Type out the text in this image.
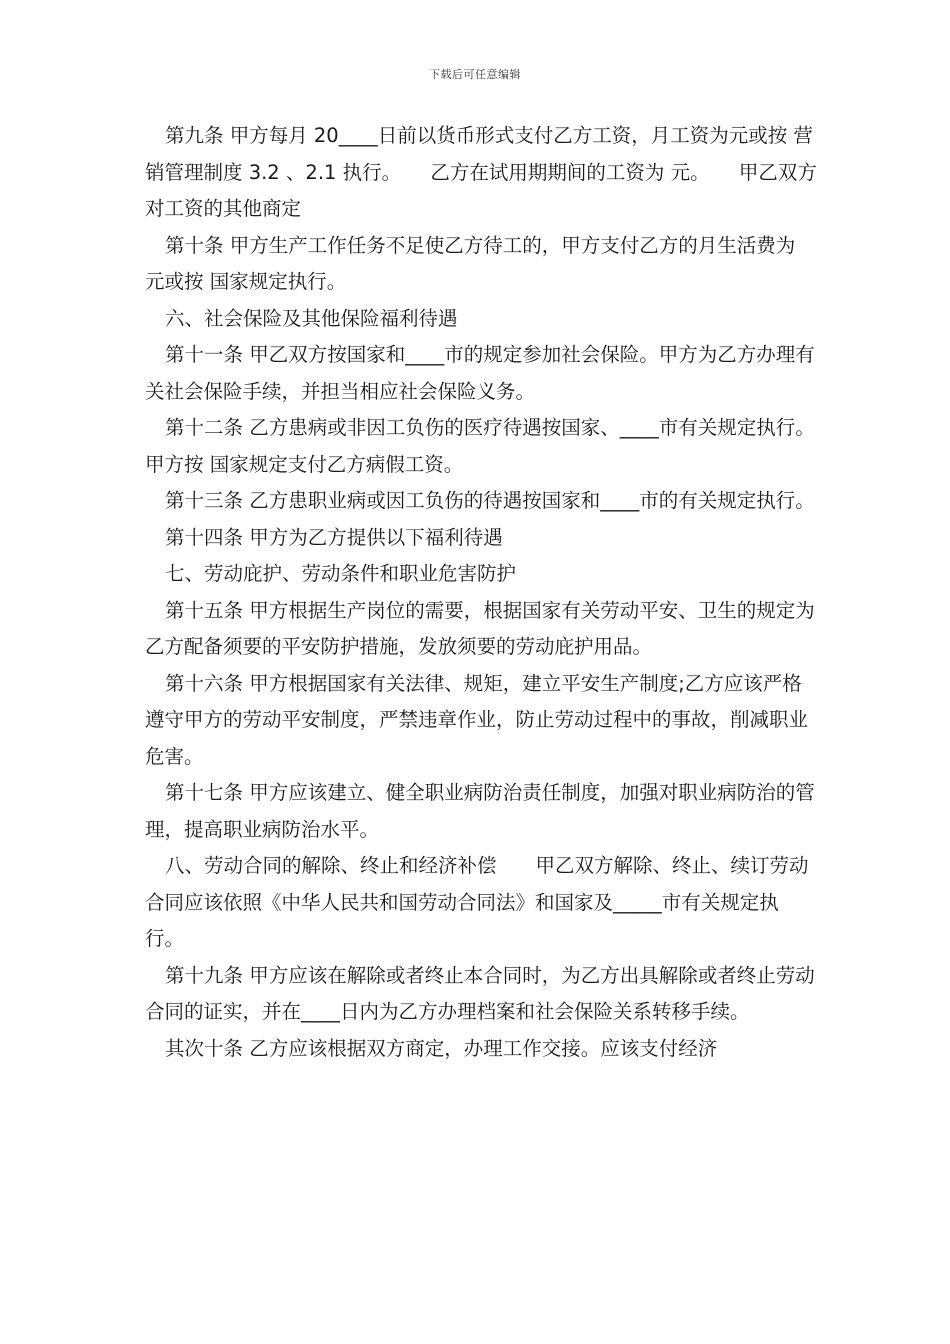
下载后可任意编辑

第九条 甲方每月 20____日前以货币形式支付乙方工资，月工资为元或按 营销管理制度 3.2 、2.1 执行。　　乙方在试用期期间的工资为 元。　　甲乙双方对工资的其他商定

第十条 甲方生产工作任务不足使乙方待工的，甲方支付乙方的月生活费为 元或按 国家规定执行。

六、社会保险及其他保险福利待遇

第十一条 甲乙双方按国家和____市的规定参加社会保险。甲方为乙方办理有关社会保险手续，并担当相应社会保险义务。

第十二条 乙方患病或非因工负伤的医疗待遇按国家、____市有关规定执行。甲方按 国家规定支付乙方病假工资。

第十三条 乙方患职业病或因工负伤的待遇按国家和____市的有关规定执行。

第十四条 甲方为乙方提供以下福利待遇

七、劳动庇护、劳动条件和职业危害防护

第十五条 甲方根据生产岗位的需要，根据国家有关劳动平安、卫生的规定为乙方配备须要的平安防护措施，发放须要的劳动庇护用品。

第十六条 甲方根据国家有关法律、规矩，建立平安生产制度;乙方应该严格遵守甲方的劳动平安制度，严禁违章作业，防止劳动过程中的事故，削减职业危害。

第十七条 甲方应该建立、健全职业病防治责任制度，加强对职业病防治的管理，提高职业病防治水平。

八、劳动合同的解除、终止和经济补偿　　甲乙双方解除、终止、续订劳动合同应该依照《中华人民共和国劳动合同法》和国家及_____市有关规定执行。

第十九条 甲方应该在解除或者终止本合同时，为乙方出具解除或者终止劳动合同的证实，并在____日内为乙方办理档案和社会保险关系转移手续。

其次十条 乙方应该根据双方商定，办理工作交接。应该支付经济
